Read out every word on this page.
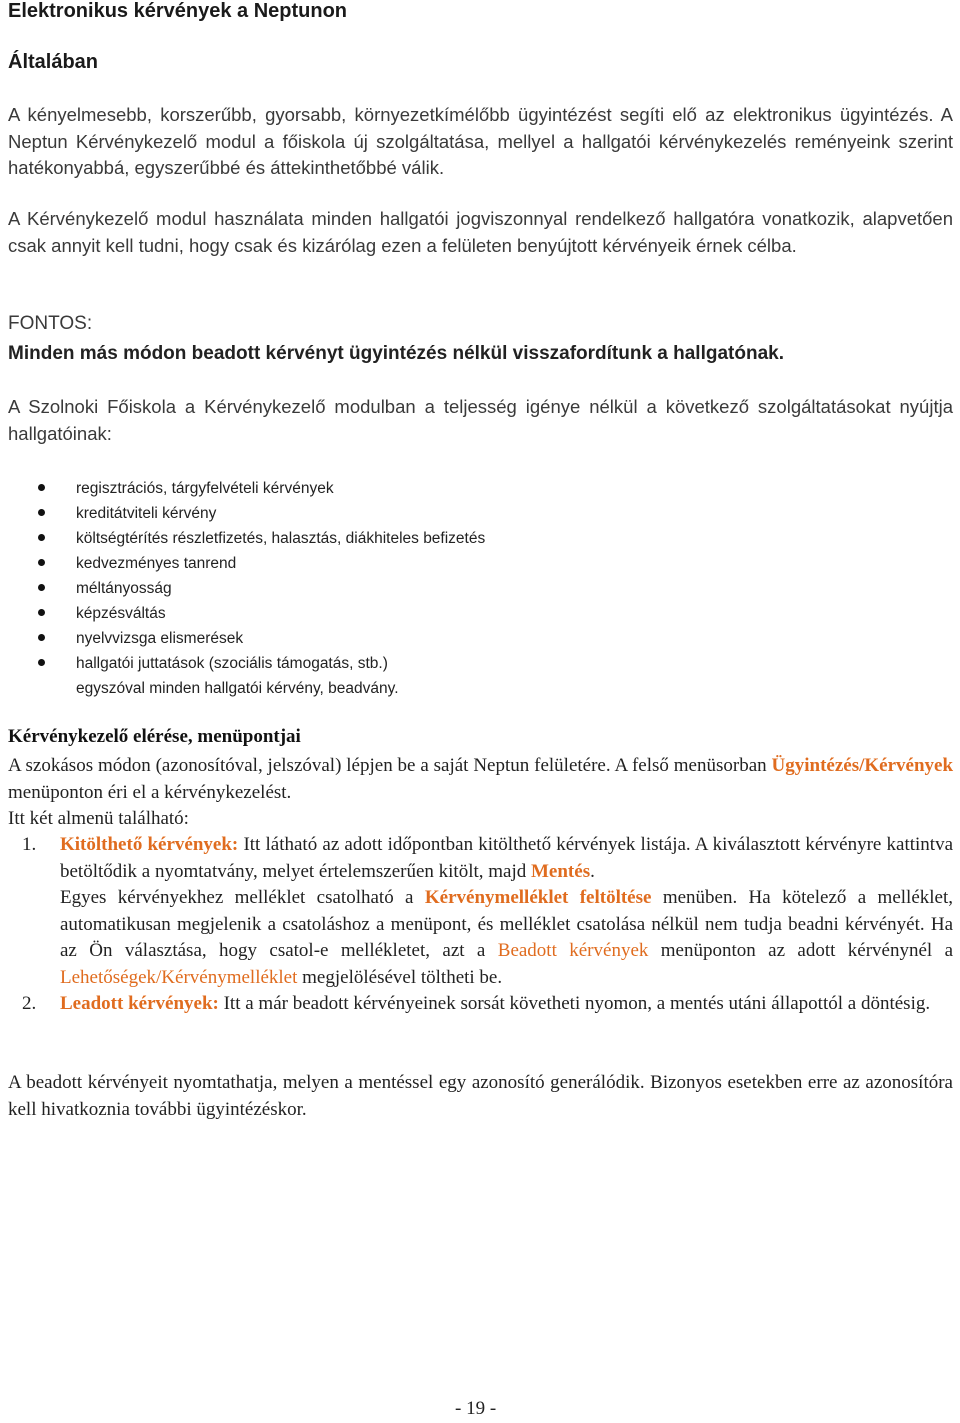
Elektronikus kérvények a Neptunon
Általában
A kényelmesebb, korszerűbb, gyorsabb, környezetkímélőbb ügyintézést segíti elő az elektronikus ügyintézés. A Neptun Kérvénykezelő modul a főiskola új szolgáltatása, mellyel a hallgatói kérvénykezelés reményeink szerint hatékonyabbá, egyszerűbbé és áttekinthetőbbé válik.
A Kérvénykezelő modul használata minden hallgatói jogviszonnyal rendelkező hallgatóra vonatkozik, alapvetően csak annyit kell tudni, hogy csak és kizárólag ezen a felületen benyújtott kérvényeik érnek célba.
FONTOS:
Minden más módon beadott kérvényt ügyintézés nélkül visszafordítunk a hallgatónak.
A Szolnoki Főiskola a Kérvénykezelő modulban a teljesség igénye nélkül a következő szolgáltatásokat nyújtja hallgatóinak:
regisztrációs, tárgyfelvételi kérvények
kreditátviteli kérvény
költségtérítés részletfizetés, halasztás, diákhiteles befizetés
kedvezményes tanrend
méltányosság
képzésváltás
nyelvvizsga elismerések
hallgatói juttatások (szociális támogatás, stb.)
egyszóval minden hallgatói kérvény, beadvány.
Kérvénykezelő elérése, menüpontjai
A szokásos módon (azonosítóval, jelszóval) lépjen be a saját Neptun felületére. A felső menüsorban Ügyintézés/Kérvények menüponton éri el a kérvénykezelést.
Itt két almenü található:
1. Kitölthető kérvények: Itt látható az adott időpontban kitölthető kérvények listája. A kiválasztott kérvényre kattintva betöltődik a nyomtatvány, melyet értelemszerűen kitölt, majd Mentés.
Egyes kérvényekhez melléklet csatolható a Kérvénymelléklet feltöltése menüben. Ha kötelező a melléklet, automatikusan megjelenik a csatoláshoz a menüpont, és melléklet csatolása nélkül nem tudja beadni kérvényét. Ha az Ön választása, hogy csatol-e mellékletet, azt a Beadott kérvények menüponton az adott kérvénynél a Lehetőségek/Kérvénymelléklet megjelölésével töltheti be.
2. Leadott kérvények: Itt a már beadott kérvényeinek sorsát követheti nyomon, a mentés utáni állapottól a döntésig.
A beadott kérvényeit nyomtathatja, melyen a mentéssel egy azonosító generálódik. Bizonyos esetekben erre az azonosítóra kell hivatkoznia további ügyintézéskor.
- 19 -
